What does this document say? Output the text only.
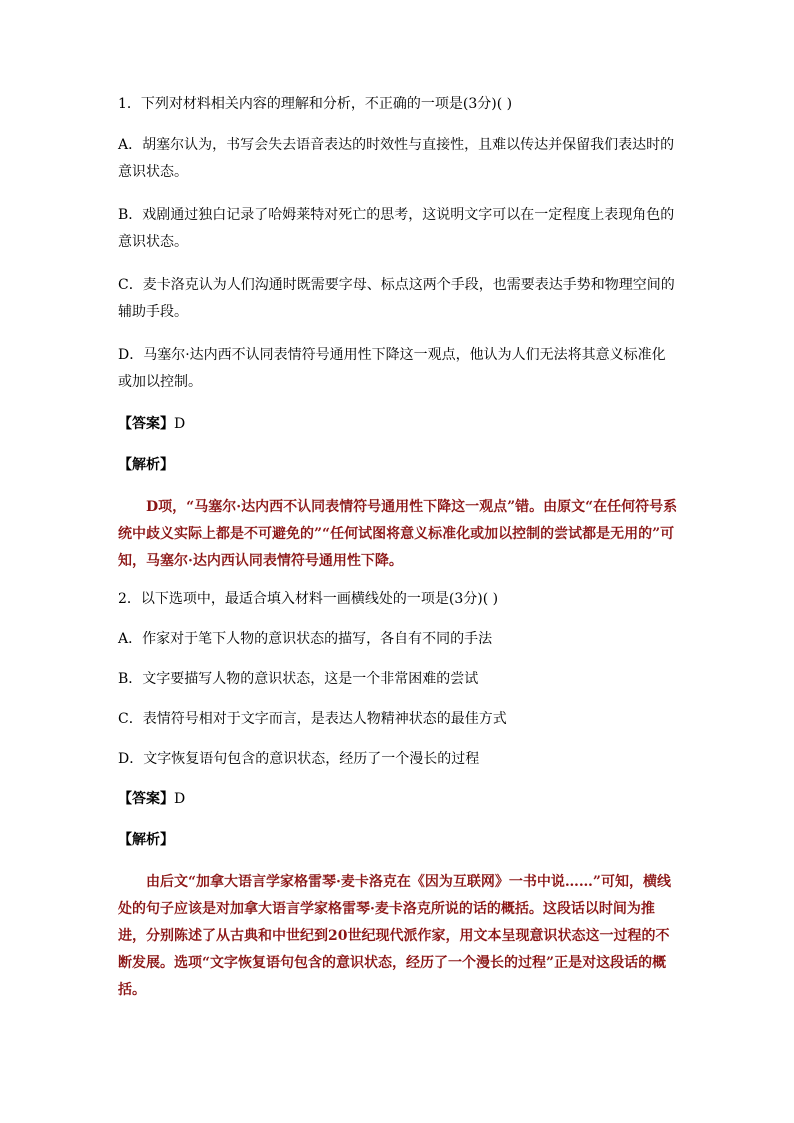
1．下列对材料相关内容的理解和分析，不正确的一项是(3分)( )

A．胡塞尔认为，书写会失去语音表达的时效性与直接性，且难以传达并保留我们表达时的意识状态。

B．戏剧通过独白记录了哈姆莱特对死亡的思考，这说明文字可以在一定程度上表现角色的意识状态。

C．麦卡洛克认为人们沟通时既需要字母、标点这两个手段，也需要表达手势和物理空间的辅助手段。

D．马塞尔·达内西不认同表情符号通用性下降这一观点，他认为人们无法将其意义标准化或加以控制。

【答案】D

【解析】

D项，“马塞尔·达内西不认同表情符号通用性下降这一观点”错。由原文“在任何符号系统中歧义实际上都是不可避免的”“任何试图将意义标准化或加以控制的尝试都是无用的”可知，马塞尔·达内西认同表情符号通用性下降。

2．以下选项中，最适合填入材料一画横线处的一项是(3分)( )

A．作家对于笔下人物的意识状态的描写，各自有不同的手法

B．文字要描写人物的意识状态，这是一个非常困难的尝试

C．表情符号相对于文字而言，是表达人物精神状态的最佳方式

D．文字恢复语句包含的意识状态，经历了一个漫长的过程

【答案】D

【解析】

由后文“加拿大语言学家格雷琴·麦卡洛克在《因为互联网》一书中说……”可知，横线处的句子应该是对加拿大语言学家格雷琴·麦卡洛克所说的话的概括。这段话以时间为推进，分别陈述了从古典和中世纪到20世纪现代派作家，用文本呈现意识状态这一过程的不断发展。选项“文字恢复语句包含的意识状态，经历了一个漫长的过程”正是对这段话的概括。
